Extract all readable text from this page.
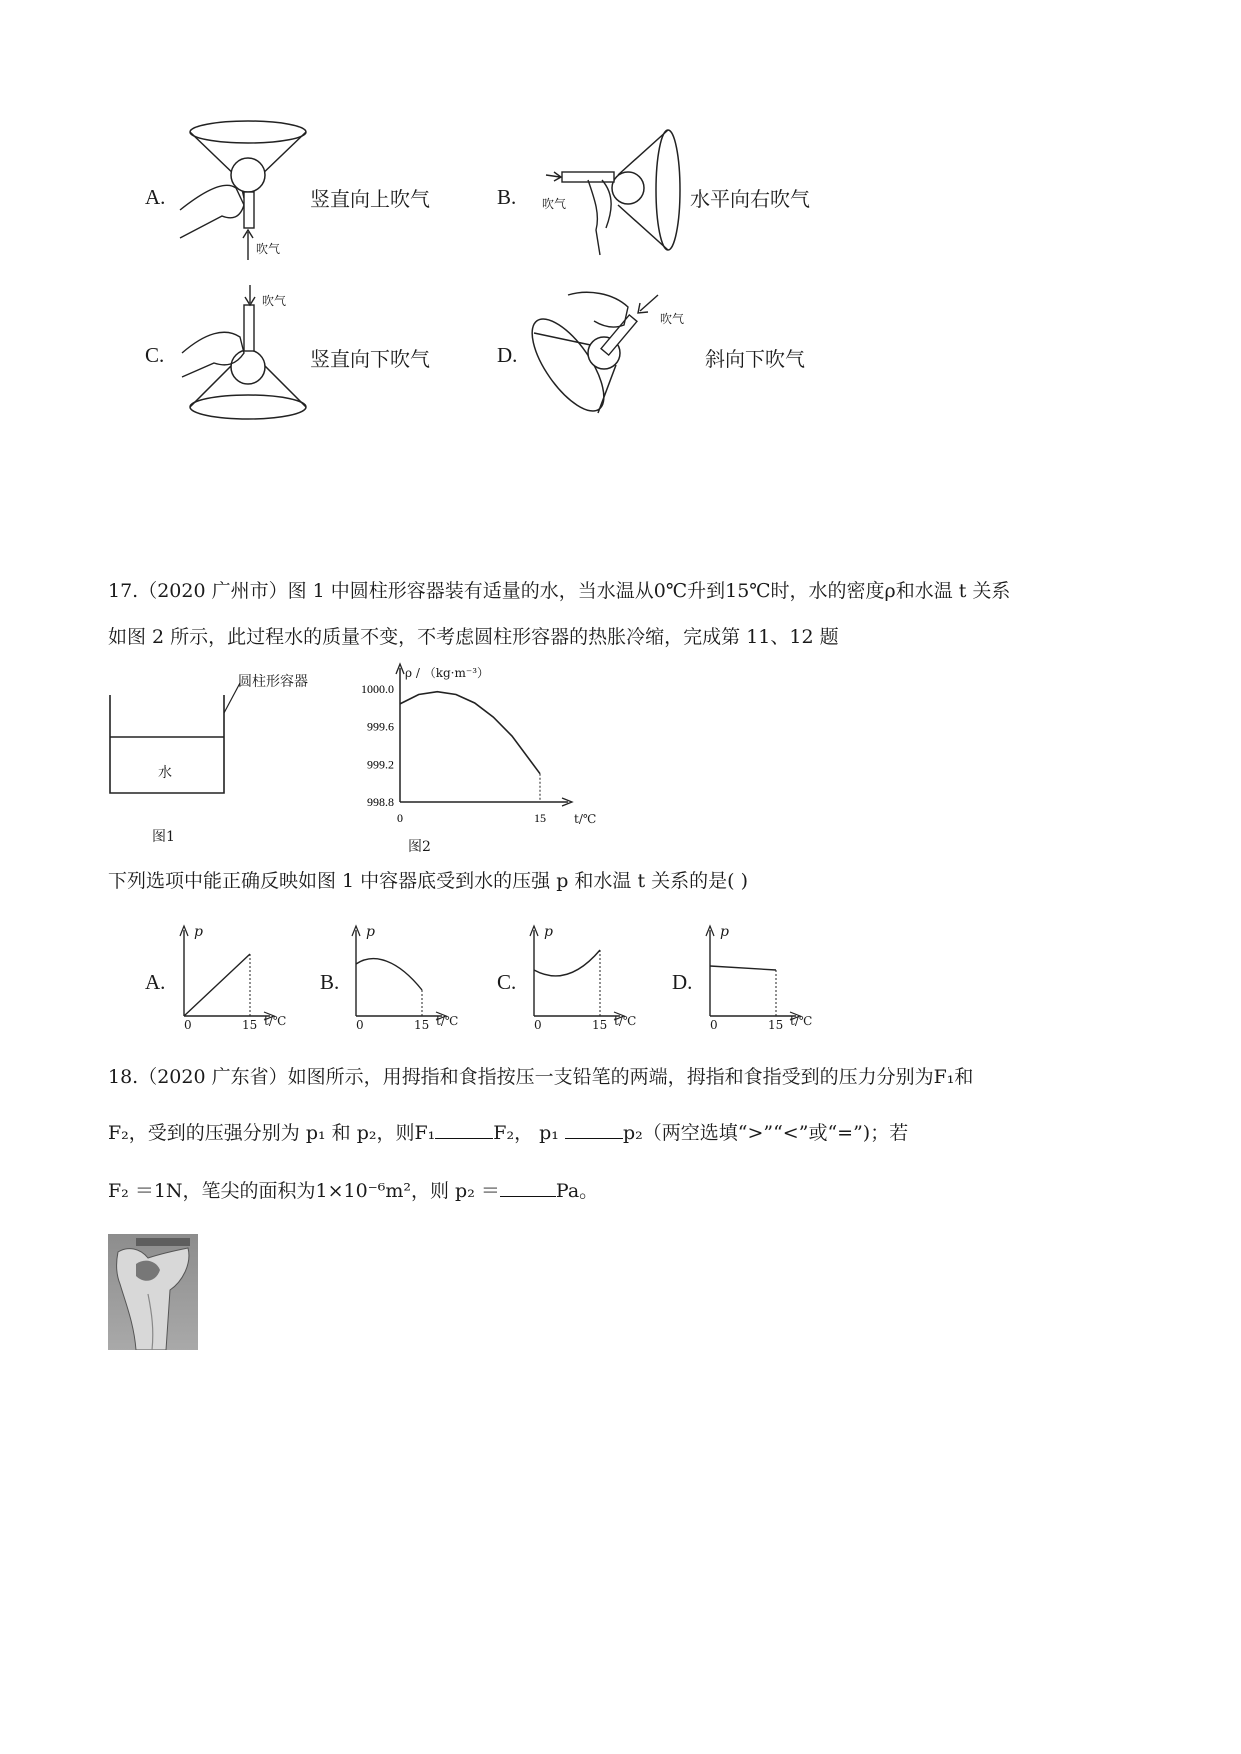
A.
吹气
竖直向上吹气	B. 吹气	水平向右吹气
C.
吹气
竖直向下吹气	D.
吹气
斜向下吹气
17.（2020 广州市）图 1 中圆柱形容器装有适量的水，当水温从0℃升到15℃时，水的密度ρ和水温 t 关系
如图 2 所示，此过程水的质量不变，不考虑圆柱形容器的热胀冷缩，完成第 11、12 题
圆柱形容器
水
图1
1000.0
999.6
999.2
998.8
0	15
ρ / （kg·m⁻³）
t/℃
图2
下列选项中能正确反映如图 1 中容器底受到水的压强 p 和水温 t 关系的是( )
A.
p
0	15 t/℃
B.
p
0	15 t/℃
C.
p
0	15 t/℃
D.
p
0	15 t/℃
18.（2020 广东省）如图所示，用拇指和食指按压一支铅笔的两端，拇指和食指受到的压力分别为F₁和
F₂，受到的压强分别为 p₁ 和 p₂，则F₁	F₂， p₁	p₂（两空选填“>”“<”或“=”)；若
F₂ ＝1N，笔尖的面积为1×10⁻⁶m²，则 p₂ ＝	Pa。
